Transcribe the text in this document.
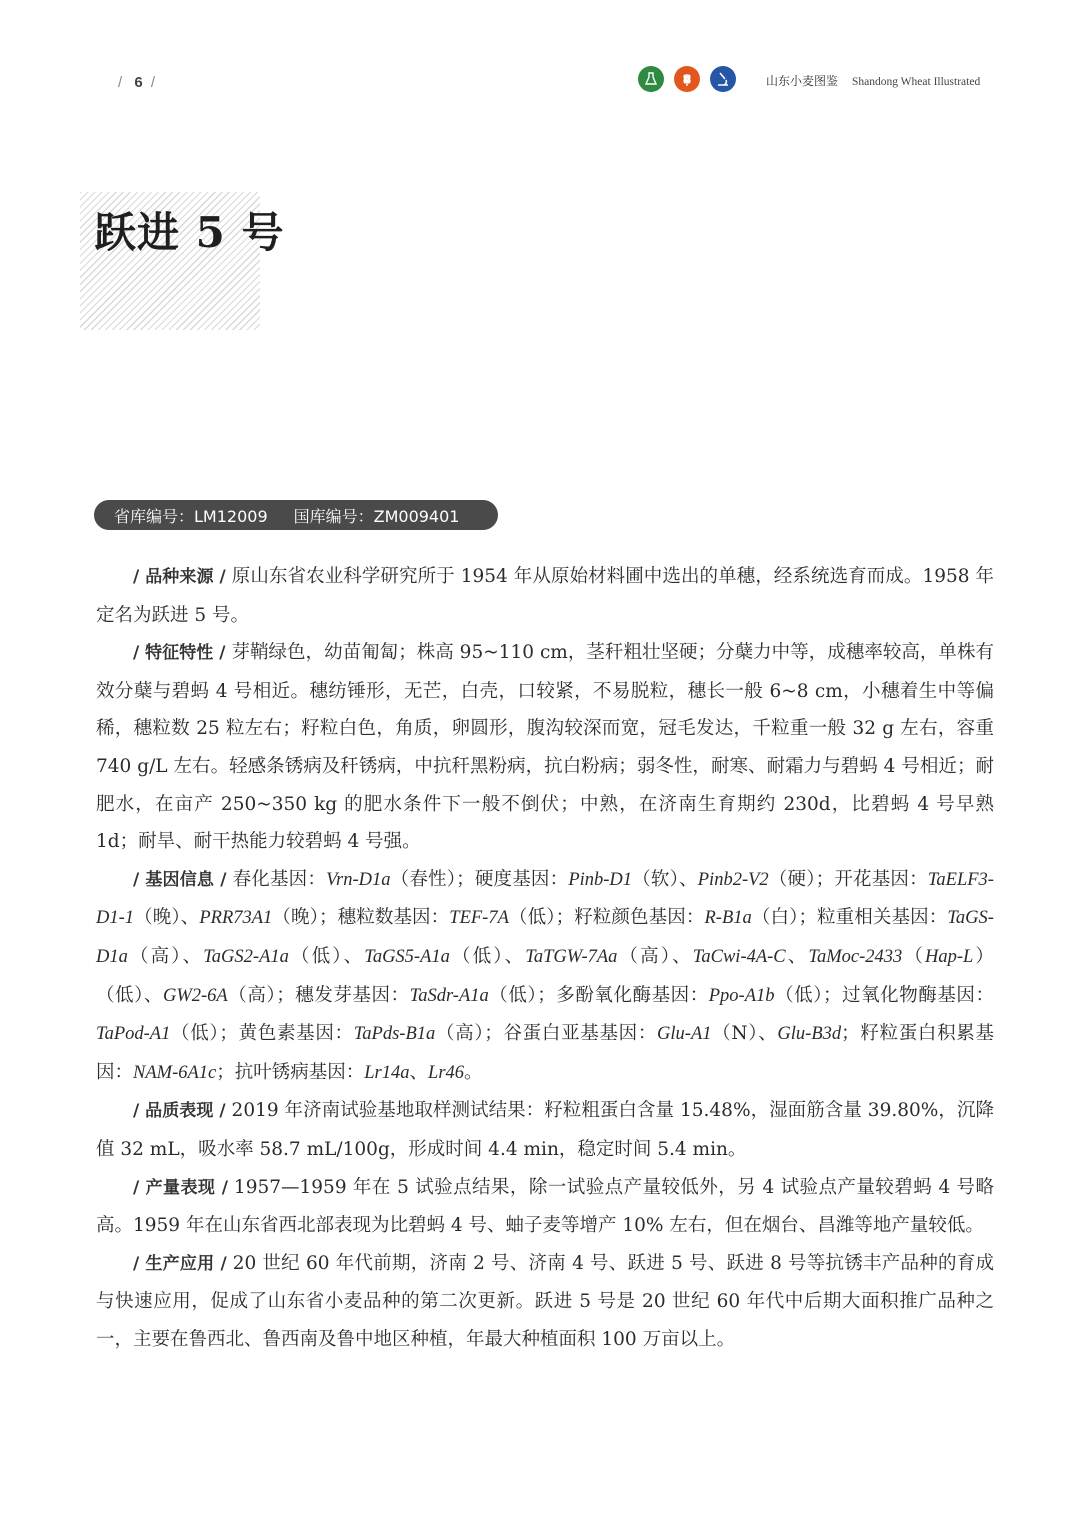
/ 6 /	山东小麦图鉴 Shandong Wheat Illustrated
跃进 5 号
省库编号：LM12009 国库编号：ZM009401

/ 品种来源 / 原山东省农业科学研究所于 1954 年从原始材料圃中选出的单穗，经系统选育而成。1958 年定名为跃进 5 号。

/ 特征特性 / 芽鞘绿色，幼苗匍匐；株高 95~110 cm，茎秆粗壮坚硬；分蘖力中等，成穗率较高，单株有效分蘖与碧蚂 4 号相近。穗纺锤形，无芒，白壳，口较紧，不易脱粒，穗长一般 6~8 cm，小穗着生中等偏稀，穗粒数 25 粒左右；籽粒白色，角质，卵圆形，腹沟较深而宽，冠毛发达，千粒重一般 32 g 左右，容重 740 g/L 左右。轻感条锈病及秆锈病，中抗秆黑粉病，抗白粉病；弱冬性，耐寒、耐霜力与碧蚂 4 号相近；耐肥水，在亩产 250~350 kg 的肥水条件下一般不倒伏；中熟，在济南生育期约 230d，比碧蚂 4 号早熟 1d；耐旱、耐干热能力较碧蚂 4 号强。

/ 基因信息 / 春化基因：Vrn-D1a（春性）；硬度基因：Pinb-D1（软）、Pinb2-V2（硬）；开花基因：TaELF3-D1-1（晚）、PRR73A1（晚）；穗粒数基因：TEF-7A（低）；籽粒颜色基因：R-B1a（白）；粒重相关基因：TaGS-D1a（高）、TaGS2-A1a（低）、TaGS5-A1a（低）、TaTGW-7Aa（高）、TaCwi-4A-C、TaMoc-2433（Hap-L）（低）、GW2-6A（高）；穗发芽基因：TaSdr-A1a（低）；多酚氧化酶基因：Ppo-A1b（低）；过氧化物酶基因：TaPod-A1（低）；黄色素基因：TaPds-B1a（高）；谷蛋白亚基基因：Glu-A1（N）、Glu-B3d；籽粒蛋白积累基因：NAM-6A1c；抗叶锈病基因：Lr14a、Lr46。

/ 品质表现 / 2019 年济南试验基地取样测试结果：籽粒粗蛋白含量 15.48%，湿面筋含量 39.80%，沉降值 32 mL，吸水率 58.7 mL/100g，形成时间 4.4 min，稳定时间 5.4 min。

/ 产量表现 / 1957—1959 年在 5 试验点结果，除一试验点产量较低外，另 4 试验点产量较碧蚂 4 号略高。1959 年在山东省西北部表现为比碧蚂 4 号、蚰子麦等增产 10% 左右，但在烟台、昌潍等地产量较低。

/ 生产应用 / 20 世纪 60 年代前期，济南 2 号、济南 4 号、跃进 5 号、跃进 8 号等抗锈丰产品种的育成与快速应用，促成了山东省小麦品种的第二次更新。跃进 5 号是 20 世纪 60 年代中后期大面积推广品种之一，主要在鲁西北、鲁西南及鲁中地区种植，年最大种植面积 100 万亩以上。
